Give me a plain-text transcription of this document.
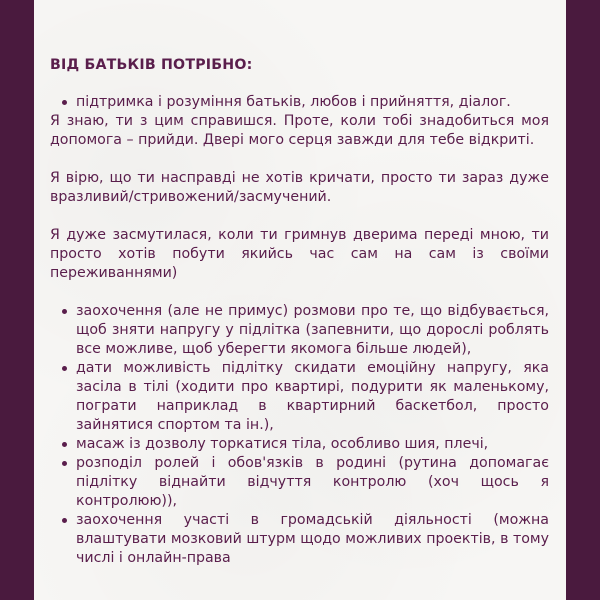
ВІД БАТЬКІВ ПОТРІБНО:
підтримка і розуміння батьків, любов і прийняття, діалог.
Я знаю, ти з цим справишся. Проте, коли тобі знадобиться моя допомога – прийди. Двері мого серця завжди для тебе відкриті.
Я вірю, що ти насправді не хотів кричати, просто ти зараз дуже вразливий/стривожений/засмучений.
Я дуже засмутилася, коли ти гримнув дверима переді мною, ти просто хотів побути якийсь час сам на сам із своїми переживаннями)
заохочення (але не примус) розмови про те, що відбувається, щоб зняти напругу у підлітка (запевнити, що дорослі роблять все можливе, щоб уберегти якомога більше людей),
дати можливість підлітку скидати емоційну напругу, яка засіла в тілі (ходити про квартирі, подурити як маленькому, пограти наприклад в квартирний баскетбол, просто зайнятися спортом та ін.),
масаж із дозволу торкатися тіла, особливо шия, плечі,
розподіл ролей і обов'язків в родині (рутина допомагає підлітку віднайти відчуття контролю (хоч щось я контролюю)),
заохочення участі в громадській діяльності (можна влаштувати мозковий штурм щодо можливих проектів, в тому числі і онлайн-права
